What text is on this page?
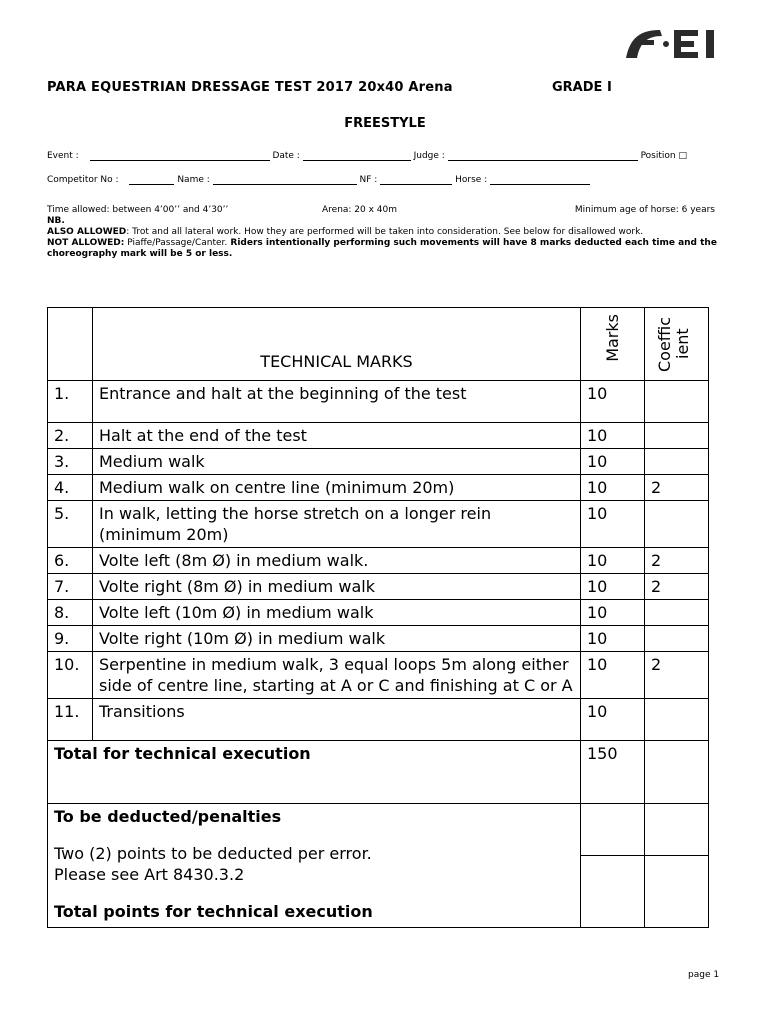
PARA EQUESTRIAN DRESSAGE TEST 2017 20x40 Arena	GRADE I
FREESTYLE
Event :	Date :	Judge :	Position □
Competitor No :	Name :	NF :	Horse :
Time allowed: between 4’00’’ and 4’30’’	Arena: 20 x 40m	Minimum age of horse: 6 years
NB.
ALSO ALLOWED: Trot and all lateral work. How they are performed will be taken into consideration. See below for disallowed work.
NOT ALLOWED: Piaffe/Passage/Canter. Riders intentionally performing such movements will have 8 marks deducted each time and the choreography mark will be 5 or less.
	TECHNICAL MARKS	Marks	Coeffic ient

1.	Entrance and halt at the beginning of the test	10	
2.	Halt at the end of the test	10	
3.	Medium walk	10	
4.	Medium walk on centre line (minimum 20m)	10	2
5.	In walk, letting the horse stretch on a longer rein (minimum 20m)	10	
6.	Volte left (8m Ø) in medium walk.	10	2
7.	Volte right (8m Ø) in medium walk	10	2
8.	Volte left (10m Ø) in medium walk	10	
9.	Volte right (10m Ø) in medium walk	10	
10.	Serpentine in medium walk, 3 equal loops 5m along either side of centre line, starting at A or C and finishing at C or A	10	2
11.	Transitions	10	
Total for technical execution		150	

To be deducted/penalties
Two (2) points to be deducted per error.
Please see Art 8430.3.2
Total points for technical execution			

page 1
